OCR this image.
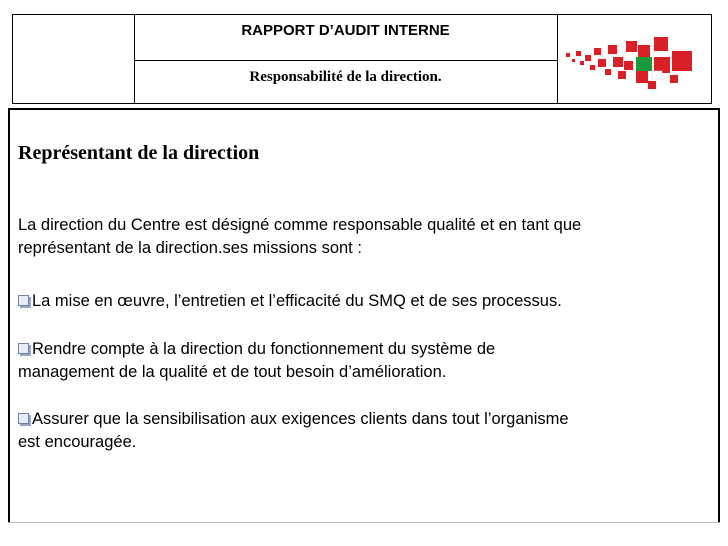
RAPPORT D’AUDIT INTERNE
Responsabilité de la direction.
Représentant de la direction
La direction du Centre est désigné comme responsable qualité et en tant que
représentant de la direction.ses missions sont :
La mise en œuvre, l’entretien et l’efficacité du SMQ et de ses processus.
Rendre compte à la direction du fonctionnement du système de
management de la qualité et de tout besoin d’amélioration.
Assurer que la sensibilisation aux exigences clients dans tout l’organisme
est encouragée.
